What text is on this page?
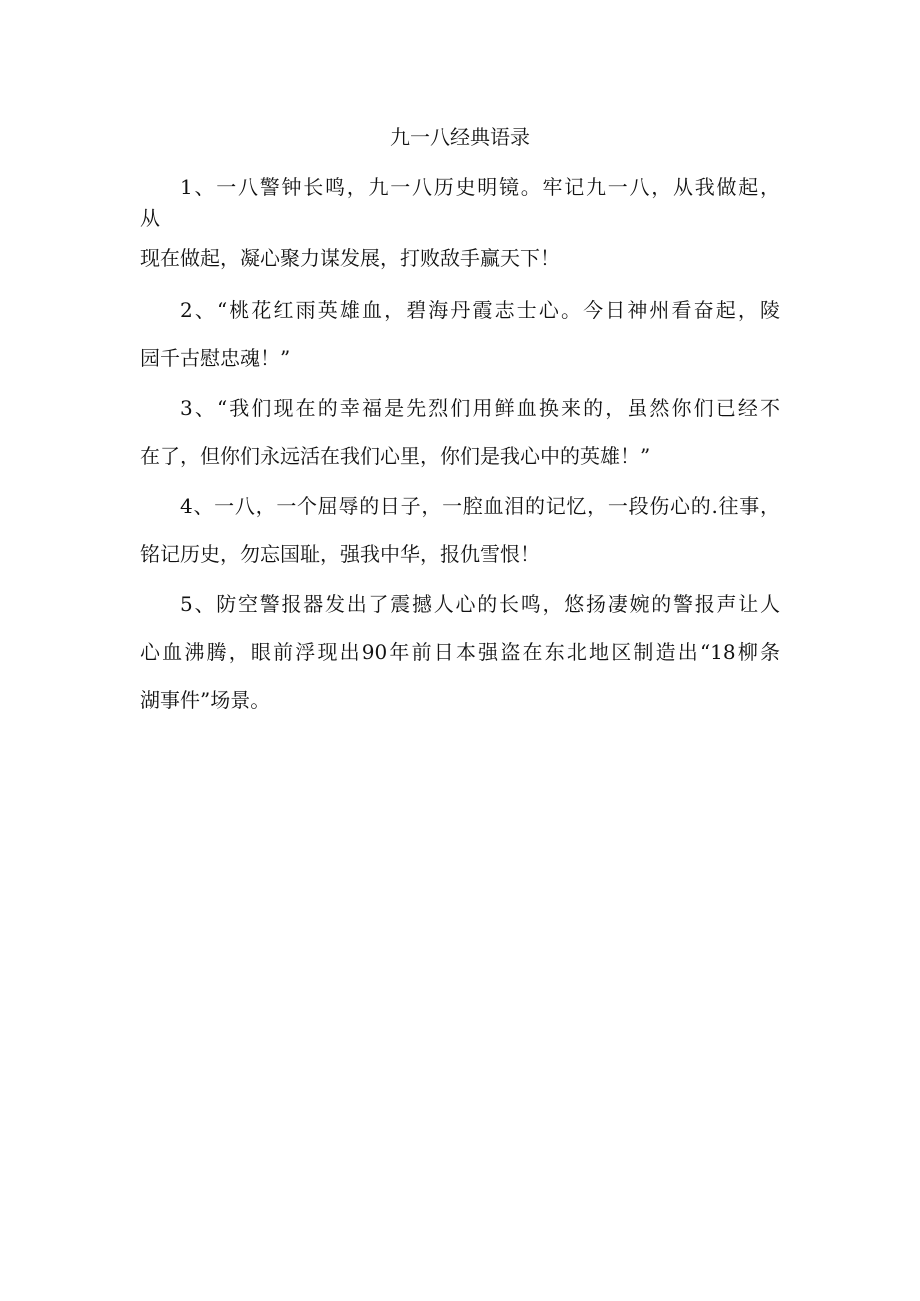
九一八经典语录
1、一八警钟长鸣，九一八历史明镜。牢记九一八，从我做起，
从
现在做起，凝心聚力谋发展，打败敌手赢天下！
2、“桃花红雨英雄血，碧海丹霞志士心。今日神州看奋起，陵
园千古慰忠魂！”
3、“我们现在的幸福是先烈们用鲜血换来的，虽然你们已经不
在了，但你们永远活在我们心里，你们是我心中的英雄！”
4、一八，一个屈辱的日子，一腔血泪的记忆，一段伤心的.往事，
铭记历史，勿忘国耻，强我中华，报仇雪恨！
5、防空警报器发出了震撼人心的长鸣，悠扬凄婉的警报声让人
心血沸腾，眼前浮现出90年前日本强盗在东北地区制造出“18柳条
湖事件”场景。
